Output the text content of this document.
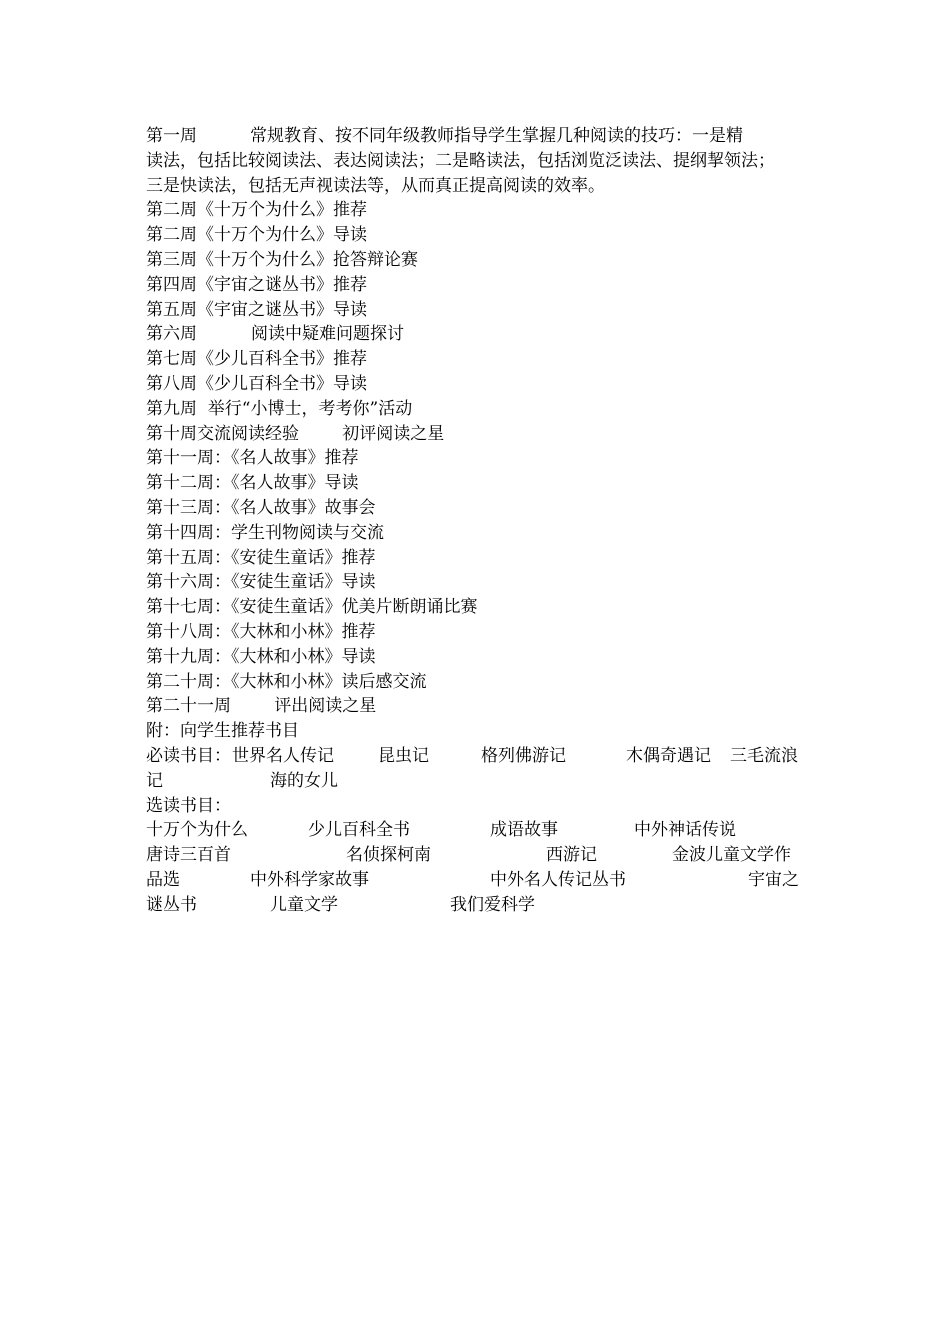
第一周	常规教育、按不同年级教师指导学生掌握几种阅读的技巧：一是精
读法，包括比较阅读法、表达阅读法；二是略读法，包括浏览泛读法、提纲挈领法；
三是快读法，包括无声视读法等，从而真正提高阅读的效率。
第二周《十万个为什么》推荐
第二周《十万个为什么》导读
第三周《十万个为什么》抢答辩论赛
第四周《宇宙之谜丛书》推荐
第五周《宇宙之谜丛书》导读
第六周          阅读中疑难问题探讨
第七周《少儿百科全书》推荐
第八周《少儿百科全书》导读
第九周  举行“小博士，考考你”活动
第十周交流阅读经验        初评阅读之星
第十一周：《名人故事》推荐
第十二周：《名人故事》导读
第十三周：《名人故事》故事会
第十四周：学生刊物阅读与交流
第十五周：《安徒生童话》推荐
第十六周：《安徒生童话》导读
第十七周：《安徒生童话》优美片断朗诵比赛
第十八周：《大林和小林》推荐
第十九周：《大林和小林》导读
第二十周：《大林和小林》读后感交流
第二十一周        评出阅读之星
附：向学生推荐书目
必读书目： 世界名人传记	昆虫记	格列佛游记	木偶奇遇记 三毛流浪
记	海的女儿
选读书目：
十万个为什么	少儿百科全书	成语故事	中外神话传说
唐诗三百首	名侦探柯南	西游记	金波儿童文学作
品选	中外科学家故事	中外名人传记丛书	宇宙之
谜丛书	儿童文学	我们爱科学
